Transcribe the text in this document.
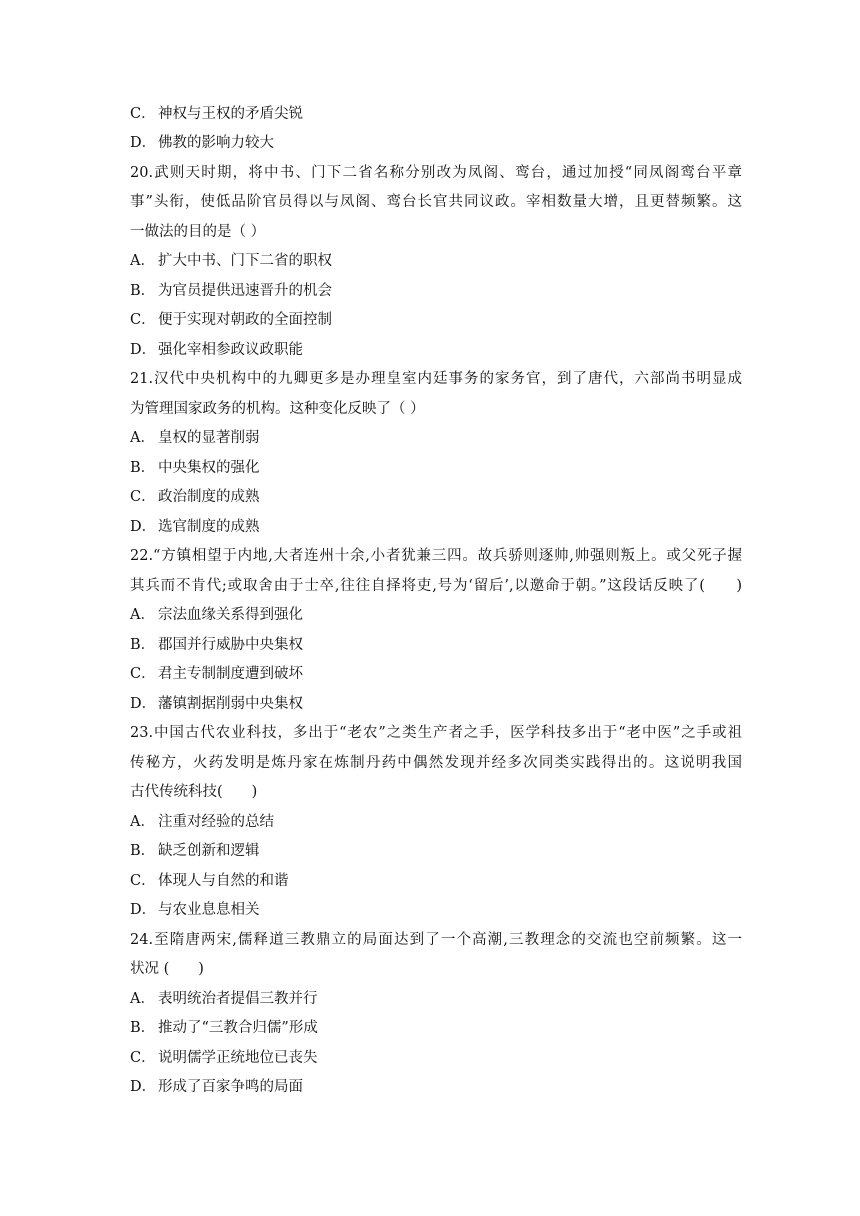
C． 神权与王权的矛盾尖锐
D． 佛教的影响力较大
20.武则天时期，将中书、门下二省名称分别改为凤阁、鸾台，通过加授“同凤阁鸾台平章
事”头衔，使低品阶官员得以与凤阁、鸾台长官共同议政。宰相数量大增，且更替频繁。这
一做法的目的是（ ）
A． 扩大中书、门下二省的职权
B． 为官员提供迅速晋升的机会
C． 便于实现对朝政的全面控制
D． 强化宰相参政议政职能
21.汉代中央机构中的九卿更多是办理皇室内廷事务的家务官，到了唐代，六部尚书明显成
为管理国家政务的机构。这种变化反映了（ ）
A． 皇权的显著削弱
B． 中央集权的强化
C． 政治制度的成熟
D． 选官制度的成熟
22.“方镇相望于内地,大者连州十余,小者犹兼三四。故兵骄则逐帅,帅强则叛上。或父死子握
其兵而不肯代;或取舍由于士卒,往往自择将吏,号为‘留后’,以邀命于朝。”这段话反映了(　　)
A． 宗法血缘关系得到强化
B． 郡国并行威胁中央集权
C． 君主专制制度遭到破坏
D． 藩镇割据削弱中央集权
23.中国古代农业科技，多出于“老农”之类生产者之手，医学科技多出于“老中医”之手或祖
传秘方，火药发明是炼丹家在炼制丹药中偶然发现并经多次同类实践得出的。这说明我国
古代传统科技(　　)
A． 注重对经验的总结
B． 缺乏创新和逻辑
C． 体现人与自然的和谐
D． 与农业息息相关
24.至隋唐两宋,儒释道三教鼎立的局面达到了一个高潮,三教理念的交流也空前频繁。这一
状况 (　　)
A． 表明统治者提倡三教并行
B． 推动了“三教合归儒”形成
C． 说明儒学正统地位已丧失
D． 形成了百家争鸣的局面
